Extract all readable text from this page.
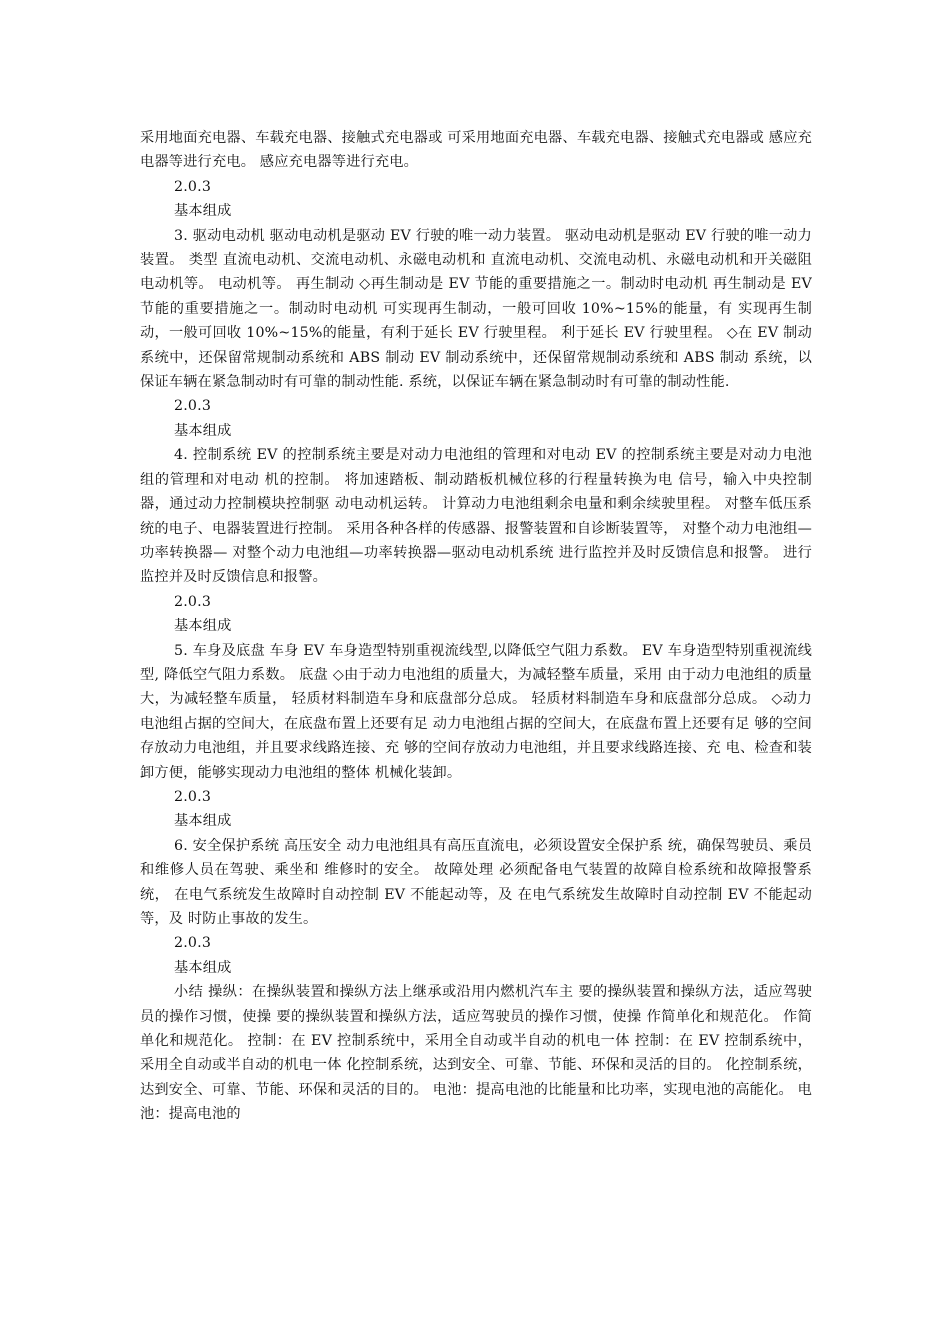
采用地面充电器、车载充电器、接触式充电器或 可采用地面充电器、车载充电器、接触式充电器或 感应充电器等进行充电。 感应充电器等进行充电。

2.0.3

基本组成

3. 驱动电动机 驱动电动机是驱动 EV 行驶的唯一动力装置。 驱动电动机是驱动 EV 行驶的唯一动力装置。 类型 直流电动机、交流电动机、永磁电动机和 直流电动机、交流电动机、永磁电动机和开关磁阻 电动机等。 电动机等。 再生制动 ◇再生制动是 EV 节能的重要措施之一。制动时电动机 再生制动是 EV 节能的重要措施之一。制动时电动机 可实现再生制动，一般可回收 10%~15%的能量，有 实现再生制动，一般可回收 10%~15%的能量，有利于延长 EV 行驶里程。 利于延长 EV 行驶里程。 ◇在 EV 制动系统中，还保留常规制动系统和 ABS 制动 EV 制动系统中，还保留常规制动系统和 ABS 制动 系统，以保证车辆在紧急制动时有可靠的制动性能. 系统，以保证车辆在紧急制动时有可靠的制动性能.

2.0.3

基本组成

4. 控制系统 EV 的控制系统主要是对动力电池组的管理和对电动 EV 的控制系统主要是对动力电池组的管理和对电动 机的控制。 将加速踏板、制动踏板机械位移的行程量转换为电 信号，输入中央控制器，通过动力控制模块控制驱 动电动机运转。 计算动力电池组剩余电量和剩余续驶里程。 对整车低压系统的电子、电器装置进行控制。 采用各种各样的传感器、报警装置和自诊断装置等， 对整个动力电池组—功率转换器— 对整个动力电池组—功率转换器—驱动电动机系统 进行监控并及时反馈信息和报警。 进行监控并及时反馈信息和报警。

2.0.3

基本组成

5. 车身及底盘 车身 EV 车身造型特别重视流线型,以降低空气阻力系数。 EV 车身造型特别重视流线型, 降低空气阻力系数。 底盘 ◇由于动力电池组的质量大，为减轻整车质量，采用 由于动力电池组的质量大，为减轻整车质量， 轻质材料制造车身和底盘部分总成。 轻质材料制造车身和底盘部分总成。 ◇动力电池组占据的空间大，在底盘布置上还要有足 动力电池组占据的空间大，在底盘布置上还要有足 够的空间存放动力电池组，并且要求线路连接、充 够的空间存放动力电池组，并且要求线路连接、充 电、检查和装卸方便，能够实现动力电池组的整体 机械化装卸。

2.0.3

基本组成

6. 安全保护系统 高压安全 动力电池组具有高压直流电，必须设置安全保护系 统，确保驾驶员、乘员和维修人员在驾驶、乘坐和 维修时的安全。 故障处理 必须配备电气装置的故障自检系统和故障报警系统， 在电气系统发生故障时自动控制 EV 不能起动等，及 在电气系统发生故障时自动控制 EV 不能起动等，及 时防止事故的发生。

2.0.3

基本组成

小结 操纵：在操纵装置和操纵方法上继承或沿用内燃机汽车主 要的操纵装置和操纵方法，适应驾驶员的操作习惯，使操 要的操纵装置和操纵方法，适应驾驶员的操作习惯，使操 作简单化和规范化。 作简单化和规范化。 控制：在 EV 控制系统中，采用全自动或半自动的机电一体 控制：在 EV 控制系统中，采用全自动或半自动的机电一体 化控制系统，达到安全、可靠、节能、环保和灵活的目的。 化控制系统，达到安全、可靠、节能、环保和灵活的目的。 电池：提高电池的比能量和比功率，实现电池的高能化。 电池：提高电池的
